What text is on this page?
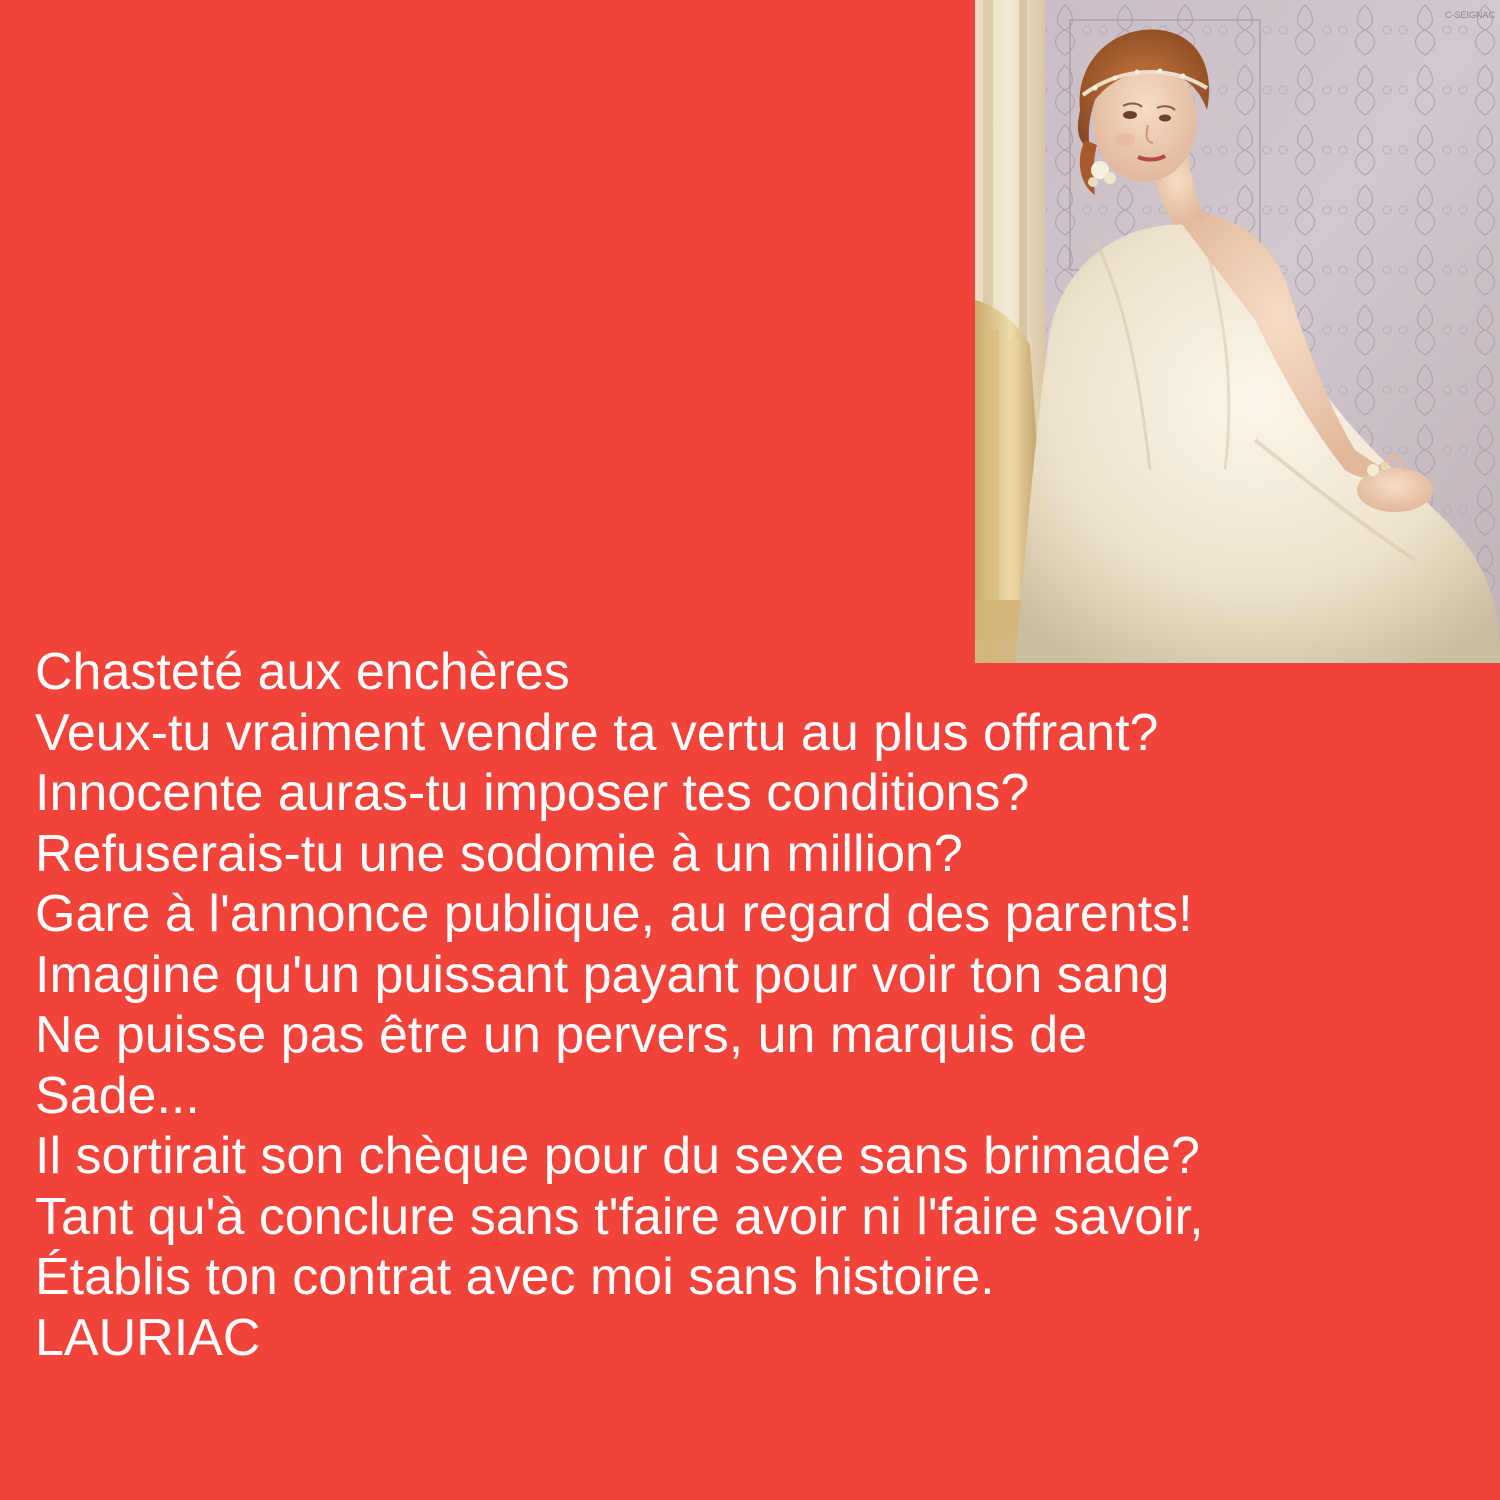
C-SEIGNAC
Chasteté aux enchères
Veux-tu vraiment vendre ta vertu au plus offrant?
Innocente auras-tu imposer tes conditions?
Refuserais-tu une sodomie à un million?
Gare à l'annonce publique, au regard des parents!
Imagine qu'un puissant payant pour voir ton sang
Ne puisse pas être un pervers, un marquis de
Sade...
Il sortirait son chèque pour du sexe sans brimade?
Tant qu'à conclure sans t'faire avoir ni l'faire savoir,
Établis ton contrat avec moi sans histoire.
LAURIAC
